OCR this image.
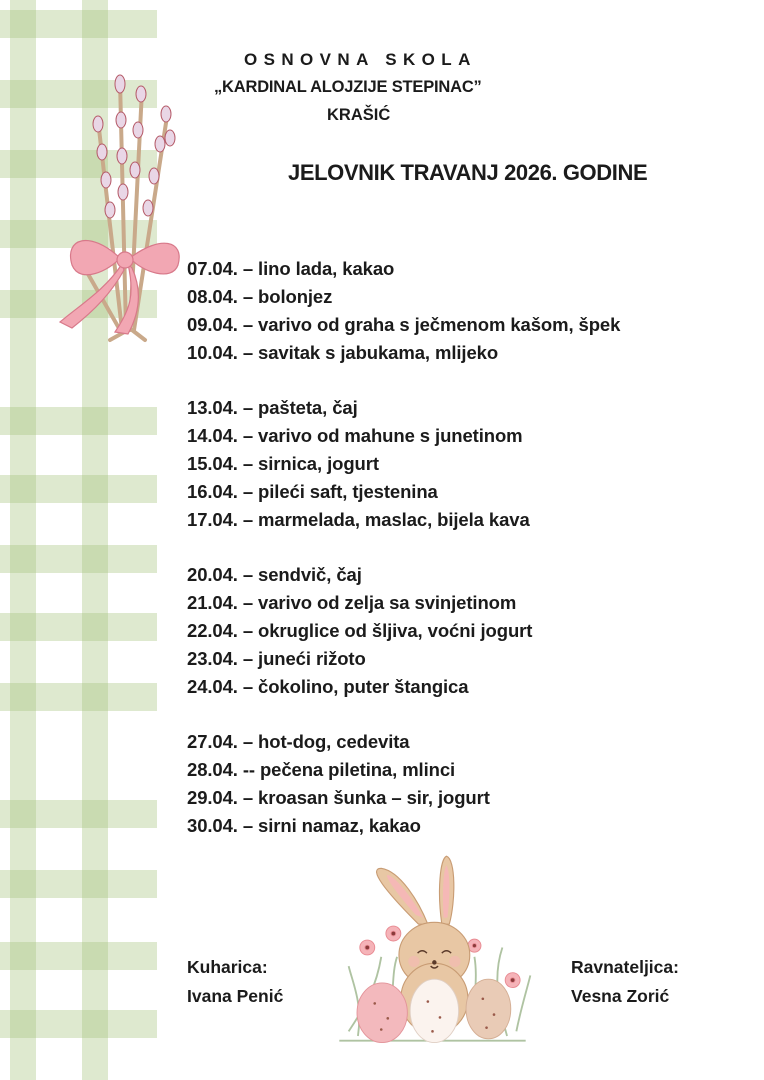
OSNOVNA SKOLA
„KARDINAL ALOJZIJE STEPINAC”
KRAŠIĆ
JELOVNIK TRAVANJ 2026. GODINE
07.04. – lino lada, kakao
08.04. – bolonjez
09.04. – varivo od graha s ječmenom kašom, špek
10.04. – savitak s jabukama, mlijeko
13.04. – pašteta, čaj
14.04. – varivo od mahune s junetinom
15.04. – sirnica, jogurt
16.04. – pileći saft, tjestenina
17.04. – marmelada, maslac, bijela kava
20.04. – sendvič, čaj
21.04. – varivo od zelja sa svinjetinom
22.04. – okruglice od šljiva, voćni jogurt
23.04. – juneći rižoto
24.04. – čokolino, puter štangica
27.04. – hot-dog, cedevita
28.04. -- pečena piletina, mlinci
29.04. – kroasan šunka – sir, jogurt
30.04. – sirni namaz, kakao
Kuharica:
Ivana Penić
Ravnateljica:
Vesna Zorić
